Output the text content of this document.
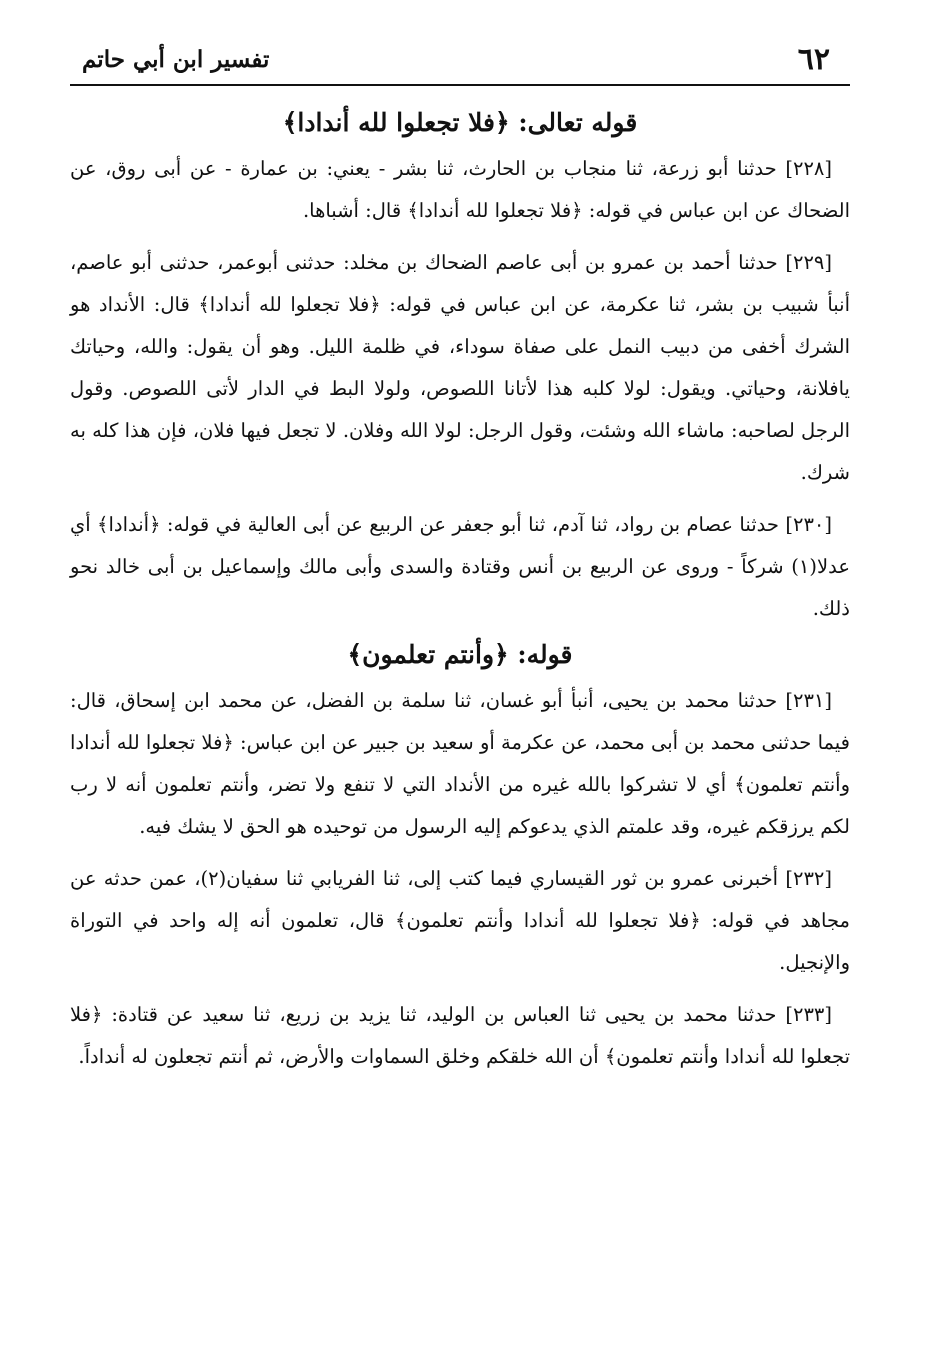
٦٢
تفسير ابن أبي حاتم
قوله تعالى: ﴿فلا تجعلوا لله أندادا﴾

[٢٢٨] حدثنا أبو زرعة، ثنا منجاب بن الحارث، ثنا بشر - يعني: بن عمارة - عن أبى روق، عن الضحاك عن ابن عباس في قوله: ﴿فلا تجعلوا لله أندادا﴾ قال: أشباها.

[٢٢٩] حدثنا أحمد بن عمرو بن أبى عاصم الضحاك بن مخلد: حدثنى أبوعمر، حدثنى أبو عاصم، أنبأ شبيب بن بشر، ثنا عكرمة، عن ابن عباس في قوله: ﴿فلا تجعلوا لله أندادا﴾ قال: الأنداد هو الشرك أخفى من دبيب النمل على صفاة سوداء، في ظلمة الليل. وهو أن يقول: والله، وحياتك يافلانة، وحياتي. ويقول: لولا كلبه هذا لأتانا اللصوص، ولولا البط في الدار لأتى اللصوص. وقول الرجل لصاحبه: ماشاء الله وشئت، وقول الرجل: لولا الله وفلان. لا تجعل فيها فلان، فإن هذا كله به شرك.

[٢٣٠] حدثنا عصام بن رواد، ثنا آدم، ثنا أبو جعفر عن الربيع عن أبى العالية في قوله: ﴿أندادا﴾ أي عدلا(١) شركاً - وروى عن الربيع بن أنس وقتادة والسدى وأبى مالك وإسماعيل بن أبى خالد نحو ذلك.

قوله: ﴿وأنتم تعلمون﴾

[٢٣١] حدثنا محمد بن يحيى، أنبأ أبو غسان، ثنا سلمة بن الفضل، عن محمد ابن إسحاق، قال: فيما حدثنى محمد بن أبى محمد، عن عكرمة أو سعيد بن جبير عن ابن عباس: ﴿فلا تجعلوا لله أندادا وأنتم تعلمون﴾ أي لا تشركوا بالله غيره من الأنداد التي لا تنفع ولا تضر، وأنتم تعلمون أنه لا رب لكم يرزقكم غيره، وقد علمتم الذي يدعوكم إليه الرسول من توحيده هو الحق لا يشك فيه.

[٢٣٢] أخبرنى عمرو بن ثور القيساري فيما كتب إلى، ثنا الفريابي ثنا سفيان(٢)، عمن حدثه عن مجاهد في قوله: ﴿فلا تجعلوا لله أندادا وأنتم تعلمون﴾ قال، تعلمون أنه إله واحد في التوراة والإنجيل.

[٢٣٣] حدثنا محمد بن يحيى ثنا العباس بن الوليد، ثنا يزيد بن زريع، ثنا سعيد عن قتادة: ﴿فلا تجعلوا لله أندادا وأنتم تعلمون﴾ أن الله خلقكم وخلق السماوات والأرض، ثم أنتم تجعلون له أنداداً.
